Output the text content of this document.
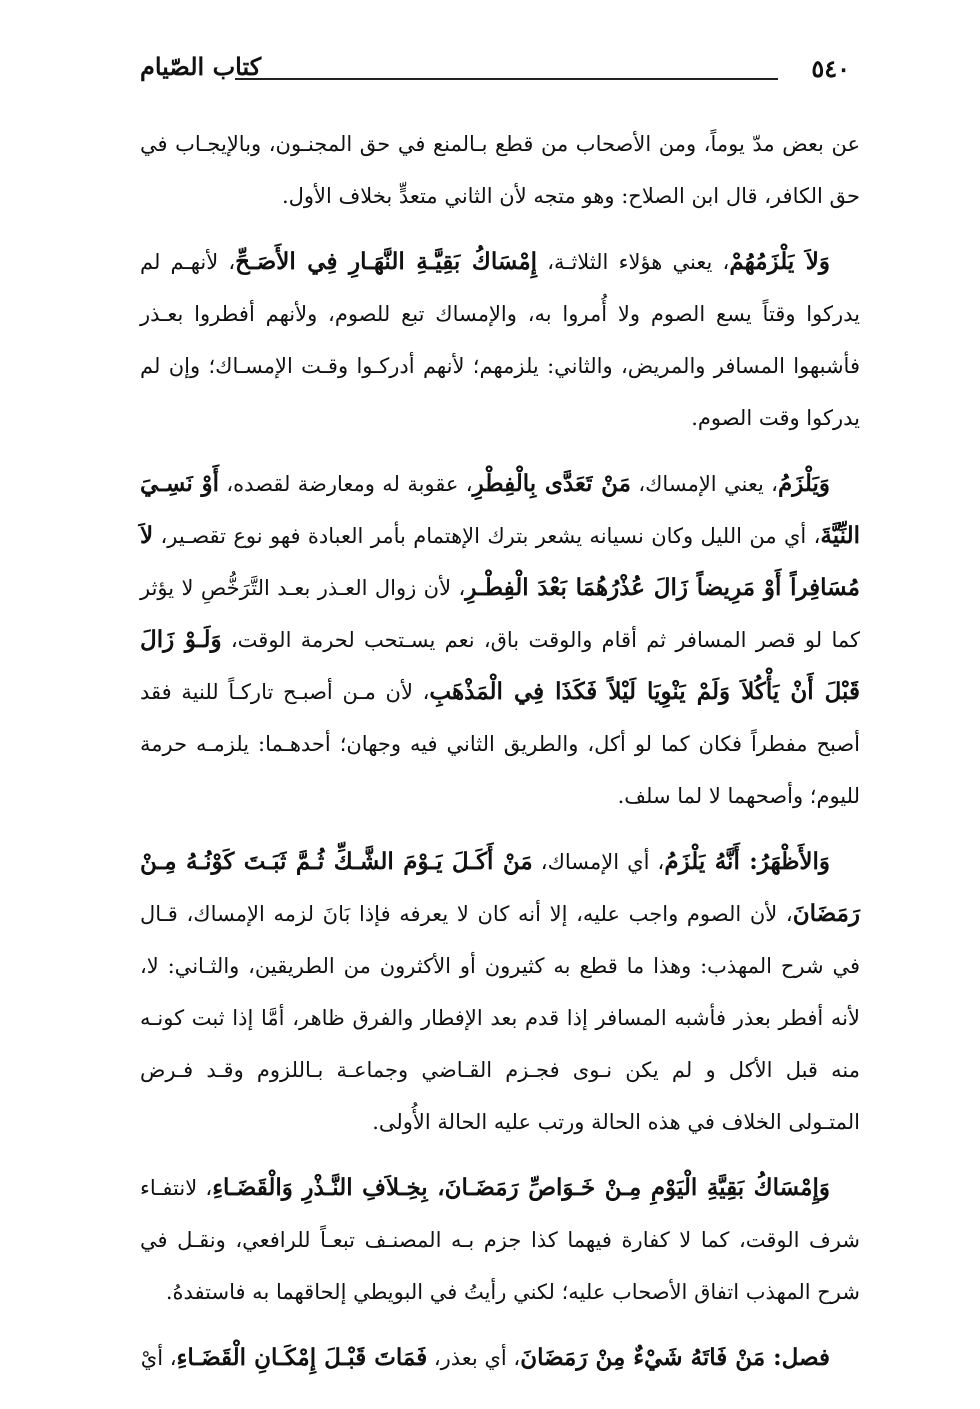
٥٤٠
كتاب الصّيام

عن بعض مدّ يوماً، ومن الأصحاب من قطع بـالمنع في حق المجنـون، وبالإيجـاب في حق الكافر، قال ابن الصلاح: وهو متجه لأن الثاني متعدٍّ بخلاف الأول.

وَلاَ يَلْزَمُهُمْ، يعني هؤلاء الثلاثـة، إِمْسَاكُ بَقِيَّـةِ النَّهَـارِ فِي الأَصَـحِّ، لأنهـم لم يدركوا وقتاً يسع الصوم ولا أُمروا به، والإمساك تبع للصوم، ولأنهم أفطروا بعـذر فأشبهوا المسافر والمريض، والثاني: يلزمهم؛ لأنهم أدركـوا وقـت الإمسـاك؛ وإن لم يدركوا وقت الصوم.

وَيَلْزَمُ، يعني الإمساك، مَنْ تَعَدَّى بِالْفِطْرِ، عقوبة له ومعارضة لقصده، أَوْ نَسِـيَ النِّيَّةَ، أي من الليل وكان نسيانه يشعر بترك الإهتمام بأمر العبادة فهو نوع تقصـير، لاَ مُسَافِراً أَوْ مَرِيضاً زَالَ عُذْرُهُمَا بَعْدَ الْفِطْـرِ، لأن زوال العـذر بعـد التَّرَخُّصِ لا يؤثر كما لو قصر المسافر ثم أقام والوقت باق، نعم يسـتحب لحرمة الوقت، وَلَـوْ زَالَ قَبْلَ أَنْ يَأْكُلاَ وَلَمْ يَنْوِيَا لَيْلاً فَكَذَا فِي الْمَذْهَبِ، لأن مـن أصبـح تاركـاً للنية فقد أصبح مفطراً فكان كما لو أكل، والطريق الثاني فيه وجهان؛ أحدهـما: يلزمـه حرمة لليوم؛ وأصحهما لا لما سلف.

وَالأَظْهَرُ: أَنَّهُ يَلْزَمُ، أي الإمساك، مَنْ أَكَـلَ يَـوْمَ الشَّـكِّ ثُـمَّ ثَبَـتَ كَوْنُـهُ مِـنْ رَمَضَانَ، لأن الصوم واجب عليه، إلا أنه كان لا يعرفه فإذا بَانَ لزمه الإمساك، قـال في شرح المهذب: وهذا ما قطع به كثيرون أو الأكثرون من الطريقين، والثـاني: لا، لأنه أفطر بعذر فأشبه المسافر إذا قدم بعد الإفطار والفرق ظاهر، أمَّا إذا ثبت كونـه منه قبل الأكل و لم يكن نـوى فجـزم القـاضي وجماعـة بـاللزوم وقـد فـرض المتـولى الخلاف في هذه الحالة ورتب عليه الحالة الأُولى.

وَإِمْسَاكُ بَقِيَّةِ الْيَوْمِ مِـنْ خَـوَاصِّ رَمَضَـانَ، بِخِـلاَفِ النَّـذْرِ وَالْقَضَـاءِ، لانتفـاء شرف الوقت، كما لا كفارة فيهما كذا جزم بـه المصنـف تبعـاً للرافعي، ونقـل في شرح المهذب اتفاق الأصحاب عليه؛ لكني رأيتُ في البويطي إلحاقهما به فاستفدهُ.

فصل: مَنْ فَاتَهُ شَيْءٌ مِنْ رَمَضَانَ، أي بعذر، فَمَاتَ قَبْـلَ إِمْكَـانِ الْقَضَـاءِ، أيْ
